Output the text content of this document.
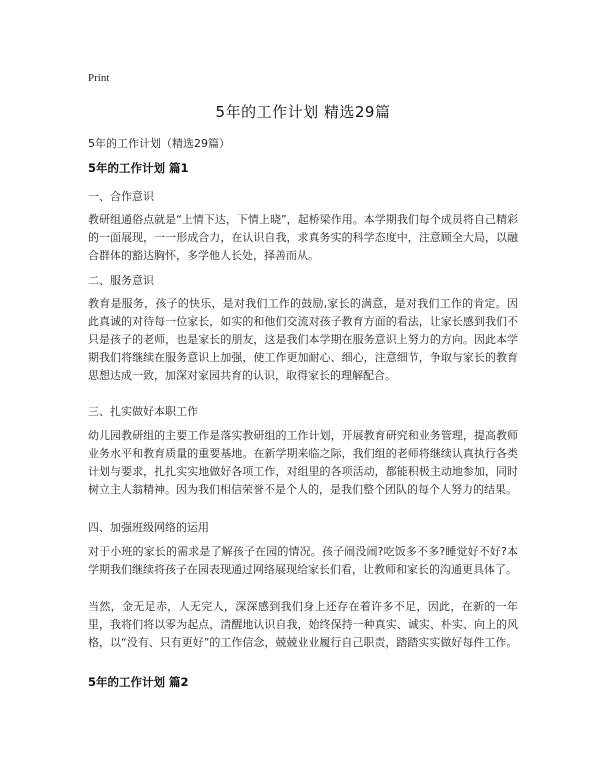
Print
5年的工作计划 精选29篇
5年的工作计划（精选29篇）
5年的工作计划 篇1
一、合作意识
教研组通俗点就是“上情下达，下情上晓”，起桥梁作用。本学期我们每个成员将自己精彩的一面展现，一一形成合力，在认识自我，求真务实的科学态度中，注意顾全大局，以融合群体的豁达胸怀，多学他人长处，择善而从。
二、服务意识
教育是服务，孩子的快乐，是对我们工作的鼓励,家长的满意，是对我们工作的肯定。因此真诚的对待每一位家长，如实的和他们交流对孩子教育方面的看法，让家长感到我们不只是孩子的老师，也是家长的朋友，这是我们本学期在服务意识上努力的方向。因此本学期我们将继续在服务意识上加强，使工作更加耐心、细心，注意细节，争取与家长的教育思想达成一致，加深对家园共育的认识，取得家长的理解配合。
三、扎实做好本职工作
幼儿园教研组的主要工作是落实教研组的工作计划，开展教育研究和业务管理，提高教师业务水平和教育质量的重要基地。在新学期来临之际，我们组的老师将继续认真执行各类计划与要求，扎扎实实地做好各项工作，对组里的各项活动，都能积极主动地参加，同时树立主人翁精神。因为我们相信荣誉不是个人的，是我们整个团队的每个人努力的结果。
四、加强班级网络的运用
对于小班的家长的需求是了解孩子在园的情况。孩子闹没闹?吃饭多不多?睡觉好不好?本学期我们继续将孩子在园表现通过网络展现给家长们看，让教师和家长的沟通更具体了。
当然，金无足赤，人无完人，深深感到我们身上还存在着许多不足，因此，在新的一年里，我将们将以零为起点，清醒地认识自我，始终保持一种真实、诚实、朴实、向上的风格，以“没有、只有更好”的工作信念，兢兢业业履行自己职责，踏踏实实做好每件工作。
5年的工作计划 篇2
